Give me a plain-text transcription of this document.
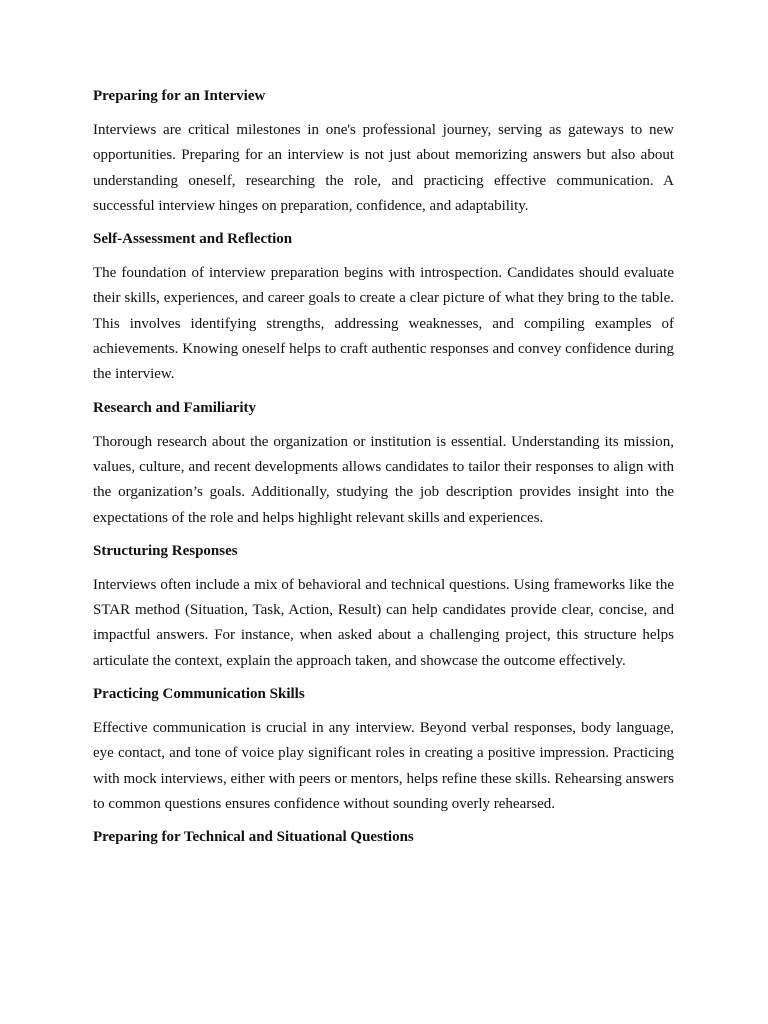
Preparing for an Interview

Interviews are critical milestones in one's professional journey, serving as gateways to new opportunities. Preparing for an interview is not just about memorizing answers but also about understanding oneself, researching the role, and practicing effective communication. A successful interview hinges on preparation, confidence, and adaptability.

Self-Assessment and Reflection

The foundation of interview preparation begins with introspection. Candidates should evaluate their skills, experiences, and career goals to create a clear picture of what they bring to the table. This involves identifying strengths, addressing weaknesses, and compiling examples of achievements. Knowing oneself helps to craft authentic responses and convey confidence during the interview.

Research and Familiarity

Thorough research about the organization or institution is essential. Understanding its mission, values, culture, and recent developments allows candidates to tailor their responses to align with the organization’s goals. Additionally, studying the job description provides insight into the expectations of the role and helps highlight relevant skills and experiences.

Structuring Responses

Interviews often include a mix of behavioral and technical questions. Using frameworks like the STAR method (Situation, Task, Action, Result) can help candidates provide clear, concise, and impactful answers. For instance, when asked about a challenging project, this structure helps articulate the context, explain the approach taken, and showcase the outcome effectively.

Practicing Communication Skills

Effective communication is crucial in any interview. Beyond verbal responses, body language, eye contact, and tone of voice play significant roles in creating a positive impression. Practicing with mock interviews, either with peers or mentors, helps refine these skills. Rehearsing answers to common questions ensures confidence without sounding overly rehearsed.

Preparing for Technical and Situational Questions
